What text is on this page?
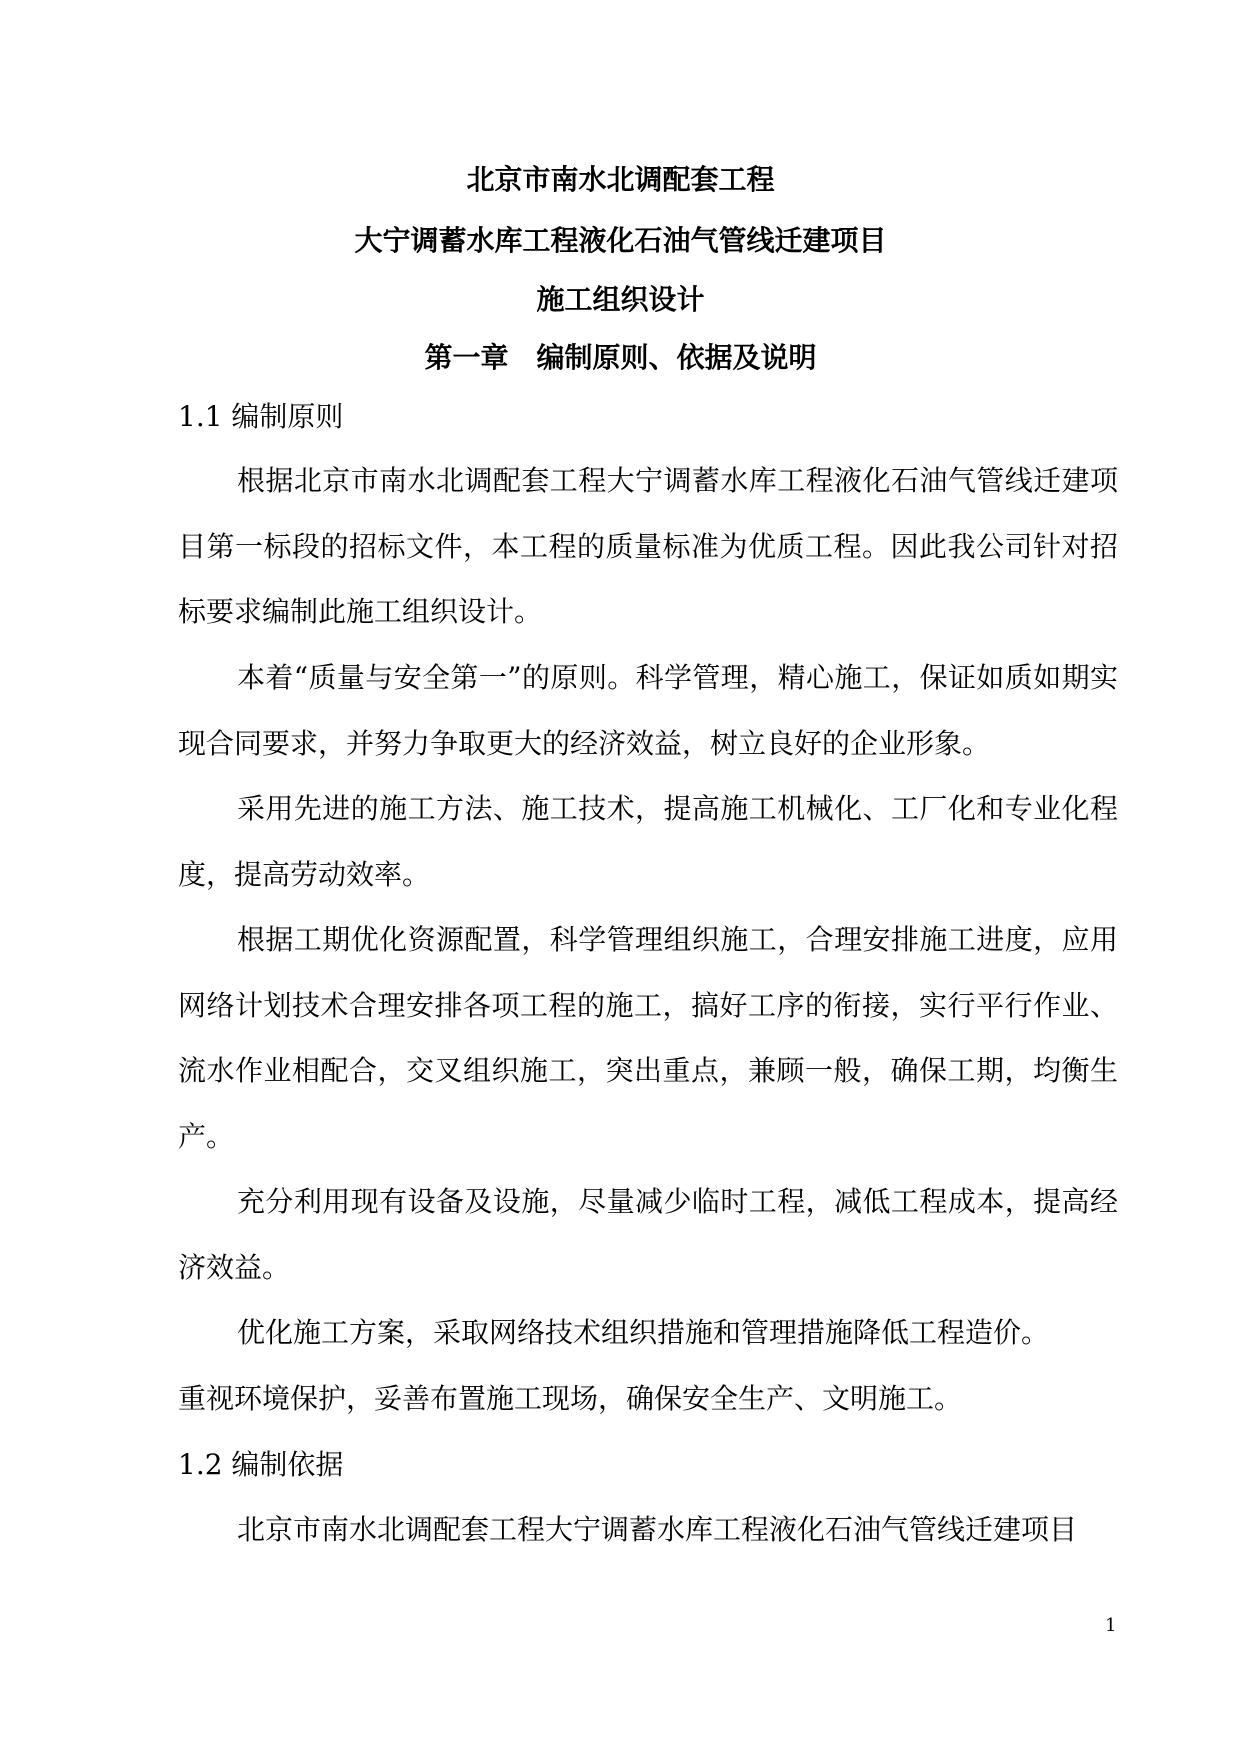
北京市南水北调配套工程
大宁调蓄水库工程液化石油气管线迁建项目
施工组织设计
第一章　编制原则、依据及说明
1.1 编制原则

根据北京市南水北调配套工程大宁调蓄水库工程液化石油气管线迁建项目第一标段的招标文件，本工程的质量标准为优质工程。因此我公司针对招标要求编制此施工组织设计。

本着“质量与安全第一”的原则。科学管理，精心施工，保证如质如期实现合同要求，并努力争取更大的经济效益，树立良好的企业形象。

采用先进的施工方法、施工技术，提高施工机械化、工厂化和专业化程度，提高劳动效率。

根据工期优化资源配置，科学管理组织施工，合理安排施工进度，应用网络计划技术合理安排各项工程的施工，搞好工序的衔接，实行平行作业、流水作业相配合，交叉组织施工，突出重点，兼顾一般，确保工期，均衡生产。

充分利用现有设备及设施，尽量减少临时工程，减低工程成本，提高经济效益。

优化施工方案，采取网络技术组织措施和管理措施降低工程造价。

重视环境保护，妥善布置施工现场，确保安全生产、文明施工。

1.2 编制依据

北京市南水北调配套工程大宁调蓄水库工程液化石油气管线迁建项目

1
